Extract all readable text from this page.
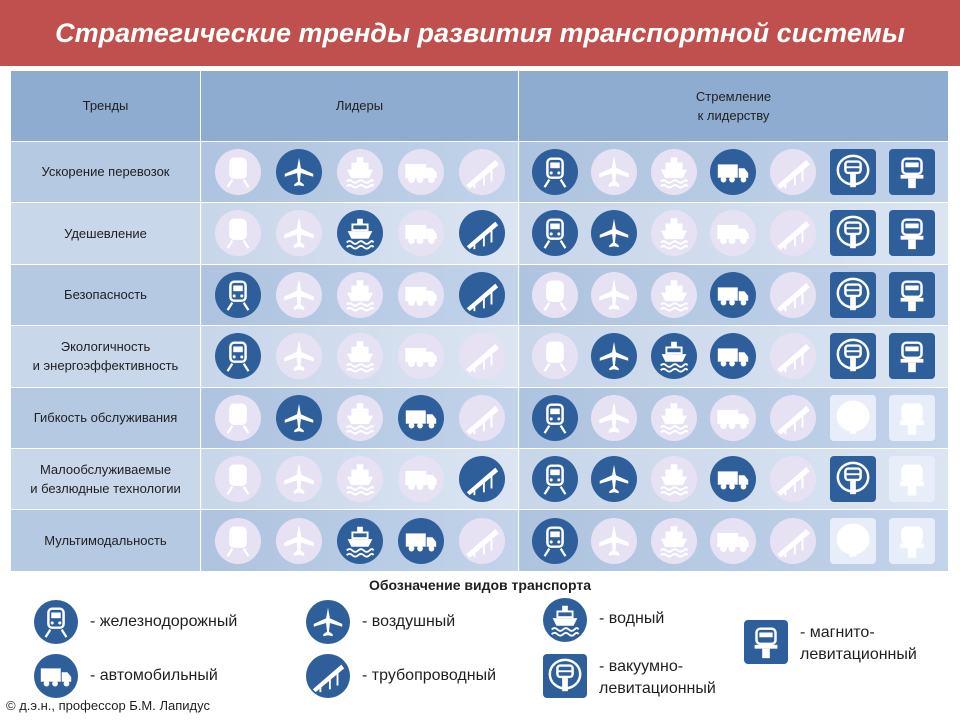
Стратегические тренды развития транспортной системы
Тренды	Лидеры	Стремление
к лидерству
Ускорение перевозок	

Удешевление	

Безопасность	

Экологичность
и энергоэффективность	

Гибкость обслуживания	

Малообслуживаемые
и безлюдные технологии	

Мультимодальность	

Обозначение видов транспорта
- железнодорожный	- воздушный	- водный
- магнито-
левитационный
- автомобильный	- трубопроводный
- вакуумно-
левитационный
© д.э.н., профессор Б.М. Лапидус
